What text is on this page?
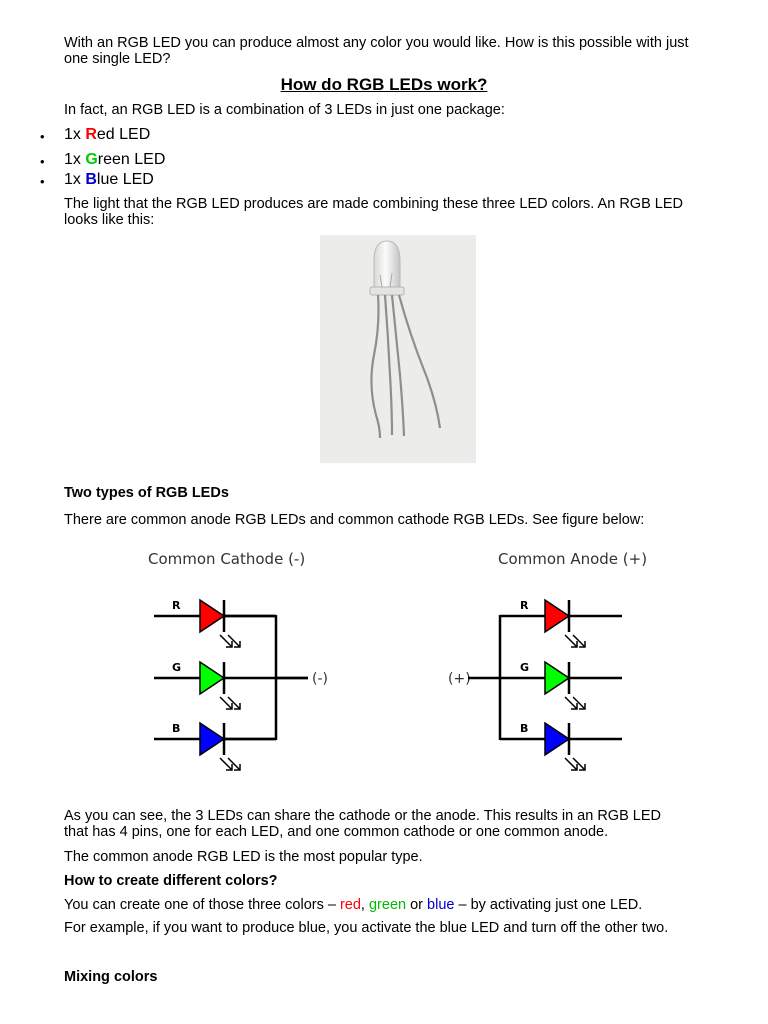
With an RGB LED you can produce almost any color you would like. How is this possible with just
one single LED?
How do RGB LEDs work?
In fact, an RGB LED is a combination of 3 LEDs in just one package:
• 1x Red LED
• 1x Green LED
• 1x Blue LED
The light that the RGB LED produces are made combining these three LED colors. An RGB LED
looks like this:
Two types of RGB LEDs
There are common anode RGB LEDs and common cathode RGB LEDs. See figure below:
Common Cathode (-)	Common Anode (+)
R
G
B
(-)	(+)
R
G
B
As you can see, the 3 LEDs can share the cathode or the anode. This results in an RGB LED
that has 4 pins, one for each LED, and one common cathode or one common anode.
The common anode RGB LED is the most popular type.
How to create different colors?
You can create one of those three colors – red, green or blue – by activating just one LED.
For example, if you want to produce blue, you activate the blue LED and turn off the other two.
Mixing colors
